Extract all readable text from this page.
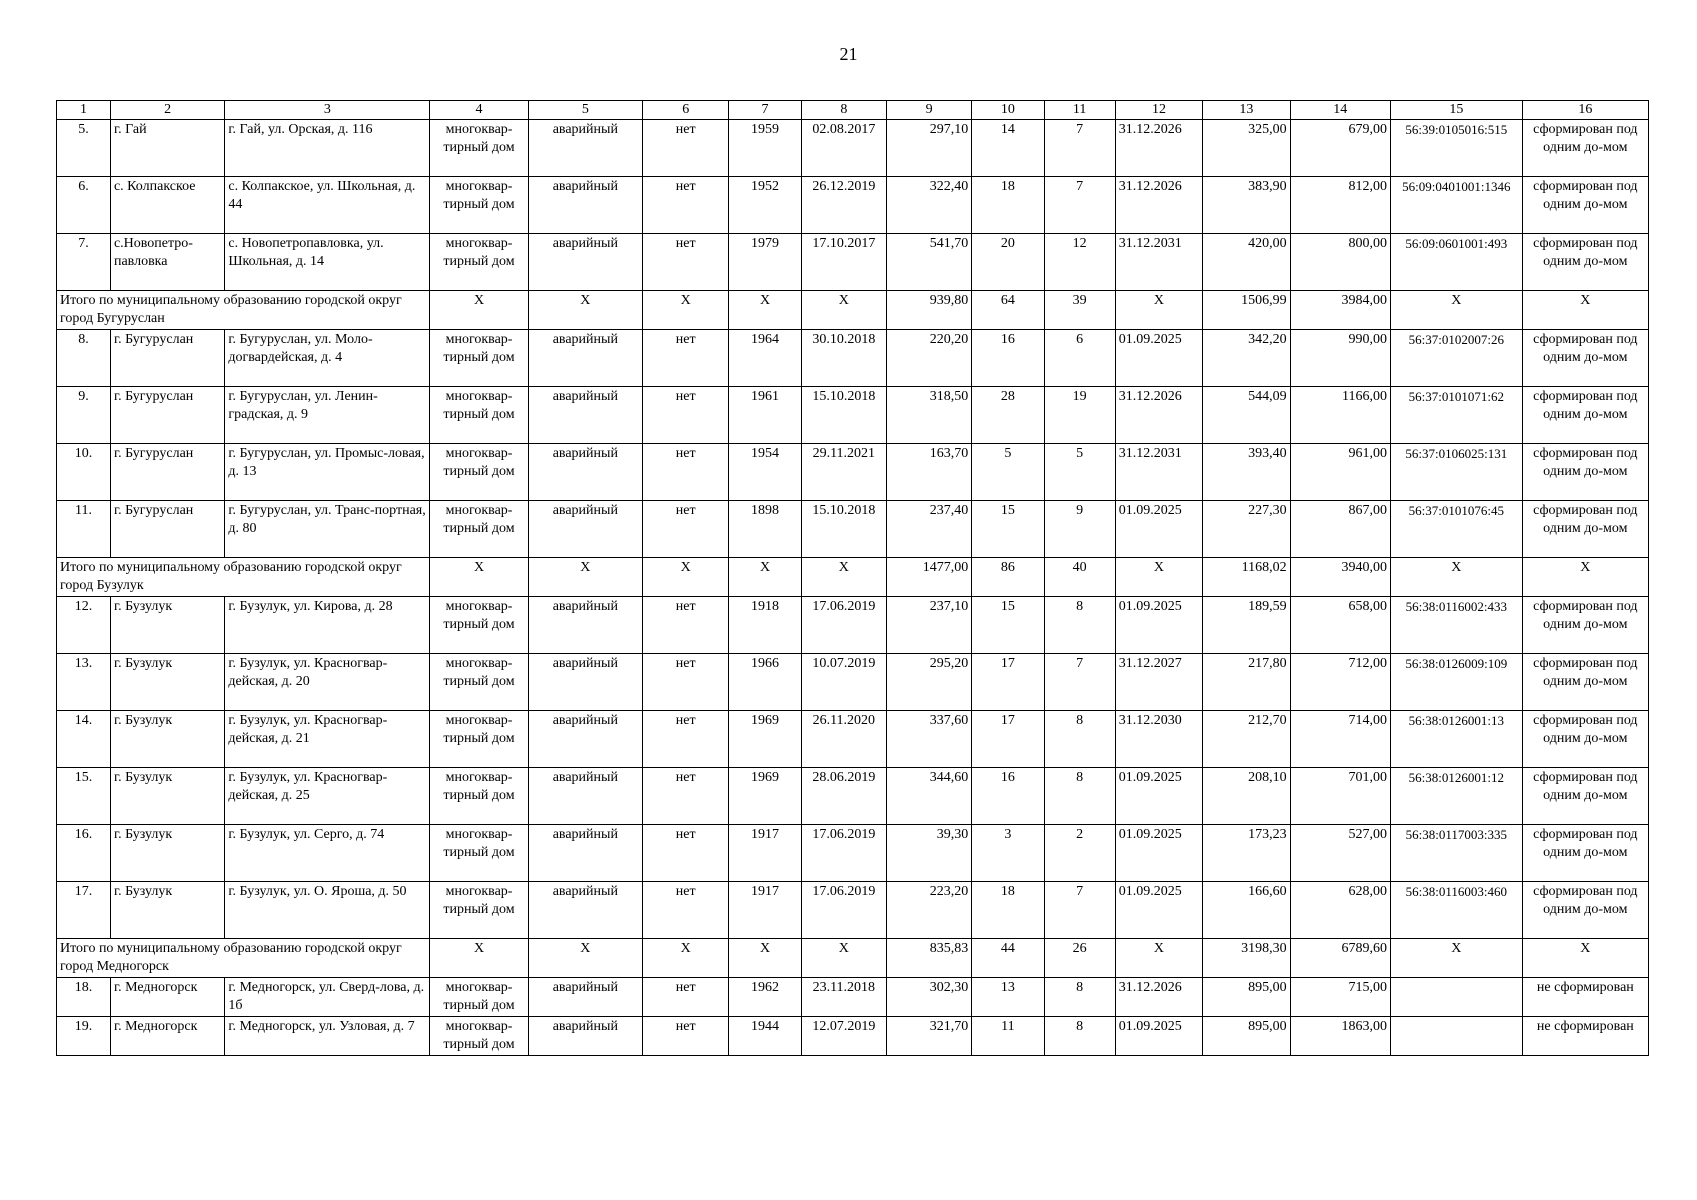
21
1	2	3	4	5	6	7	8	9	10	11	12	13	14	15	16
5.	г. Гай	г. Гай, ул. Орская, д. 116	многоквар-тирный дом	аварийный	нет	1959	02.08.2017	297,10	14	7	31.12.2026	325,00	679,00	56:39:0105016:515	сформирован под одним до-мом
6.	с. Колпакское	с. Колпакское, ул. Школьная, д. 44	многоквар-тирный дом	аварийный	нет	1952	26.12.2019	322,40	18	7	31.12.2026	383,90	812,00	56:09:0401001:1346	сформирован под одним до-мом
7.	с.Новопетро-павловка	с. Новопетропавловка, ул. Школьная, д. 14	многоквар-тирный дом	аварийный	нет	1979	17.10.2017	541,70	20	12	31.12.2031	420,00	800,00	56:09:0601001:493	сформирован под одним до-мом
Итого по муниципальному образованию городской округ город Бугуруслан			X	X	X	X	X	939,80	64	39	X	1506,99	3984,00	X	X
8.	г. Бугуруслан	г. Бугуруслан, ул. Моло-догвардейская, д. 4	многоквар-тирный дом	аварийный	нет	1964	30.10.2018	220,20	16	6	01.09.2025	342,20	990,00	56:37:0102007:26	сформирован под одним до-мом
9.	г. Бугуруслан	г. Бугуруслан, ул. Ленин-градская, д. 9	многоквар-тирный дом	аварийный	нет	1961	15.10.2018	318,50	28	19	31.12.2026	544,09	1166,00	56:37:0101071:62	сформирован под одним до-мом
10.	г. Бугуруслан	г. Бугуруслан, ул. Промыс-ловая, д. 13	многоквар-тирный дом	аварийный	нет	1954	29.11.2021	163,70	5	5	31.12.2031	393,40	961,00	56:37:0106025:131	сформирован под одним до-мом
11.	г. Бугуруслан	г. Бугуруслан, ул. Транс-портная, д. 80	многоквар-тирный дом	аварийный	нет	1898	15.10.2018	237,40	15	9	01.09.2025	227,30	867,00	56:37:0101076:45	сформирован под одним до-мом
Итого по муниципальному образованию городской округ город Бузулук			X	X	X	X	X	1477,00	86	40	X	1168,02	3940,00	X	X
12.	г. Бузулук	г. Бузулук, ул. Кирова, д. 28	многоквар-тирный дом	аварийный	нет	1918	17.06.2019	237,10	15	8	01.09.2025	189,59	658,00	56:38:0116002:433	сформирован под одним до-мом
13.	г. Бузулук	г. Бузулук, ул. Красногвар-дейская, д. 20	многоквар-тирный дом	аварийный	нет	1966	10.07.2019	295,20	17	7	31.12.2027	217,80	712,00	56:38:0126009:109	сформирован под одним до-мом
14.	г. Бузулук	г. Бузулук, ул. Красногвар-дейская, д. 21	многоквар-тирный дом	аварийный	нет	1969	26.11.2020	337,60	17	8	31.12.2030	212,70	714,00	56:38:0126001:13	сформирован под одним до-мом
15.	г. Бузулук	г. Бузулук, ул. Красногвар-дейская, д. 25	многоквар-тирный дом	аварийный	нет	1969	28.06.2019	344,60	16	8	01.09.2025	208,10	701,00	56:38:0126001:12	сформирован под одним до-мом
16.	г. Бузулук	г. Бузулук, ул. Серго, д. 74	многоквар-тирный дом	аварийный	нет	1917	17.06.2019	39,30	3	2	01.09.2025	173,23	527,00	56:38:0117003:335	сформирован под одним до-мом
17.	г. Бузулук	г. Бузулук, ул. О. Яроша, д. 50	многоквар-тирный дом	аварийный	нет	1917	17.06.2019	223,20	18	7	01.09.2025	166,60	628,00	56:38:0116003:460	сформирован под одним до-мом
Итого по муниципальному образованию городской округ город Медногорск			X	X	X	X	X	835,83	44	26	X	3198,30	6789,60	X	X
18.	г. Медногорск	г. Медногорск, ул. Сверд-лова, д. 1б	многоквар-тирный дом	аварийный	нет	1962	23.11.2018	302,30	13	8	31.12.2026	895,00	715,00		не сформирован
19.	г. Медногорск	г. Медногорск, ул. Узловая, д. 7	многоквар-тирный дом	аварийный	нет	1944	12.07.2019	321,70	11	8	01.09.2025	895,00	1863,00		не сформирован
